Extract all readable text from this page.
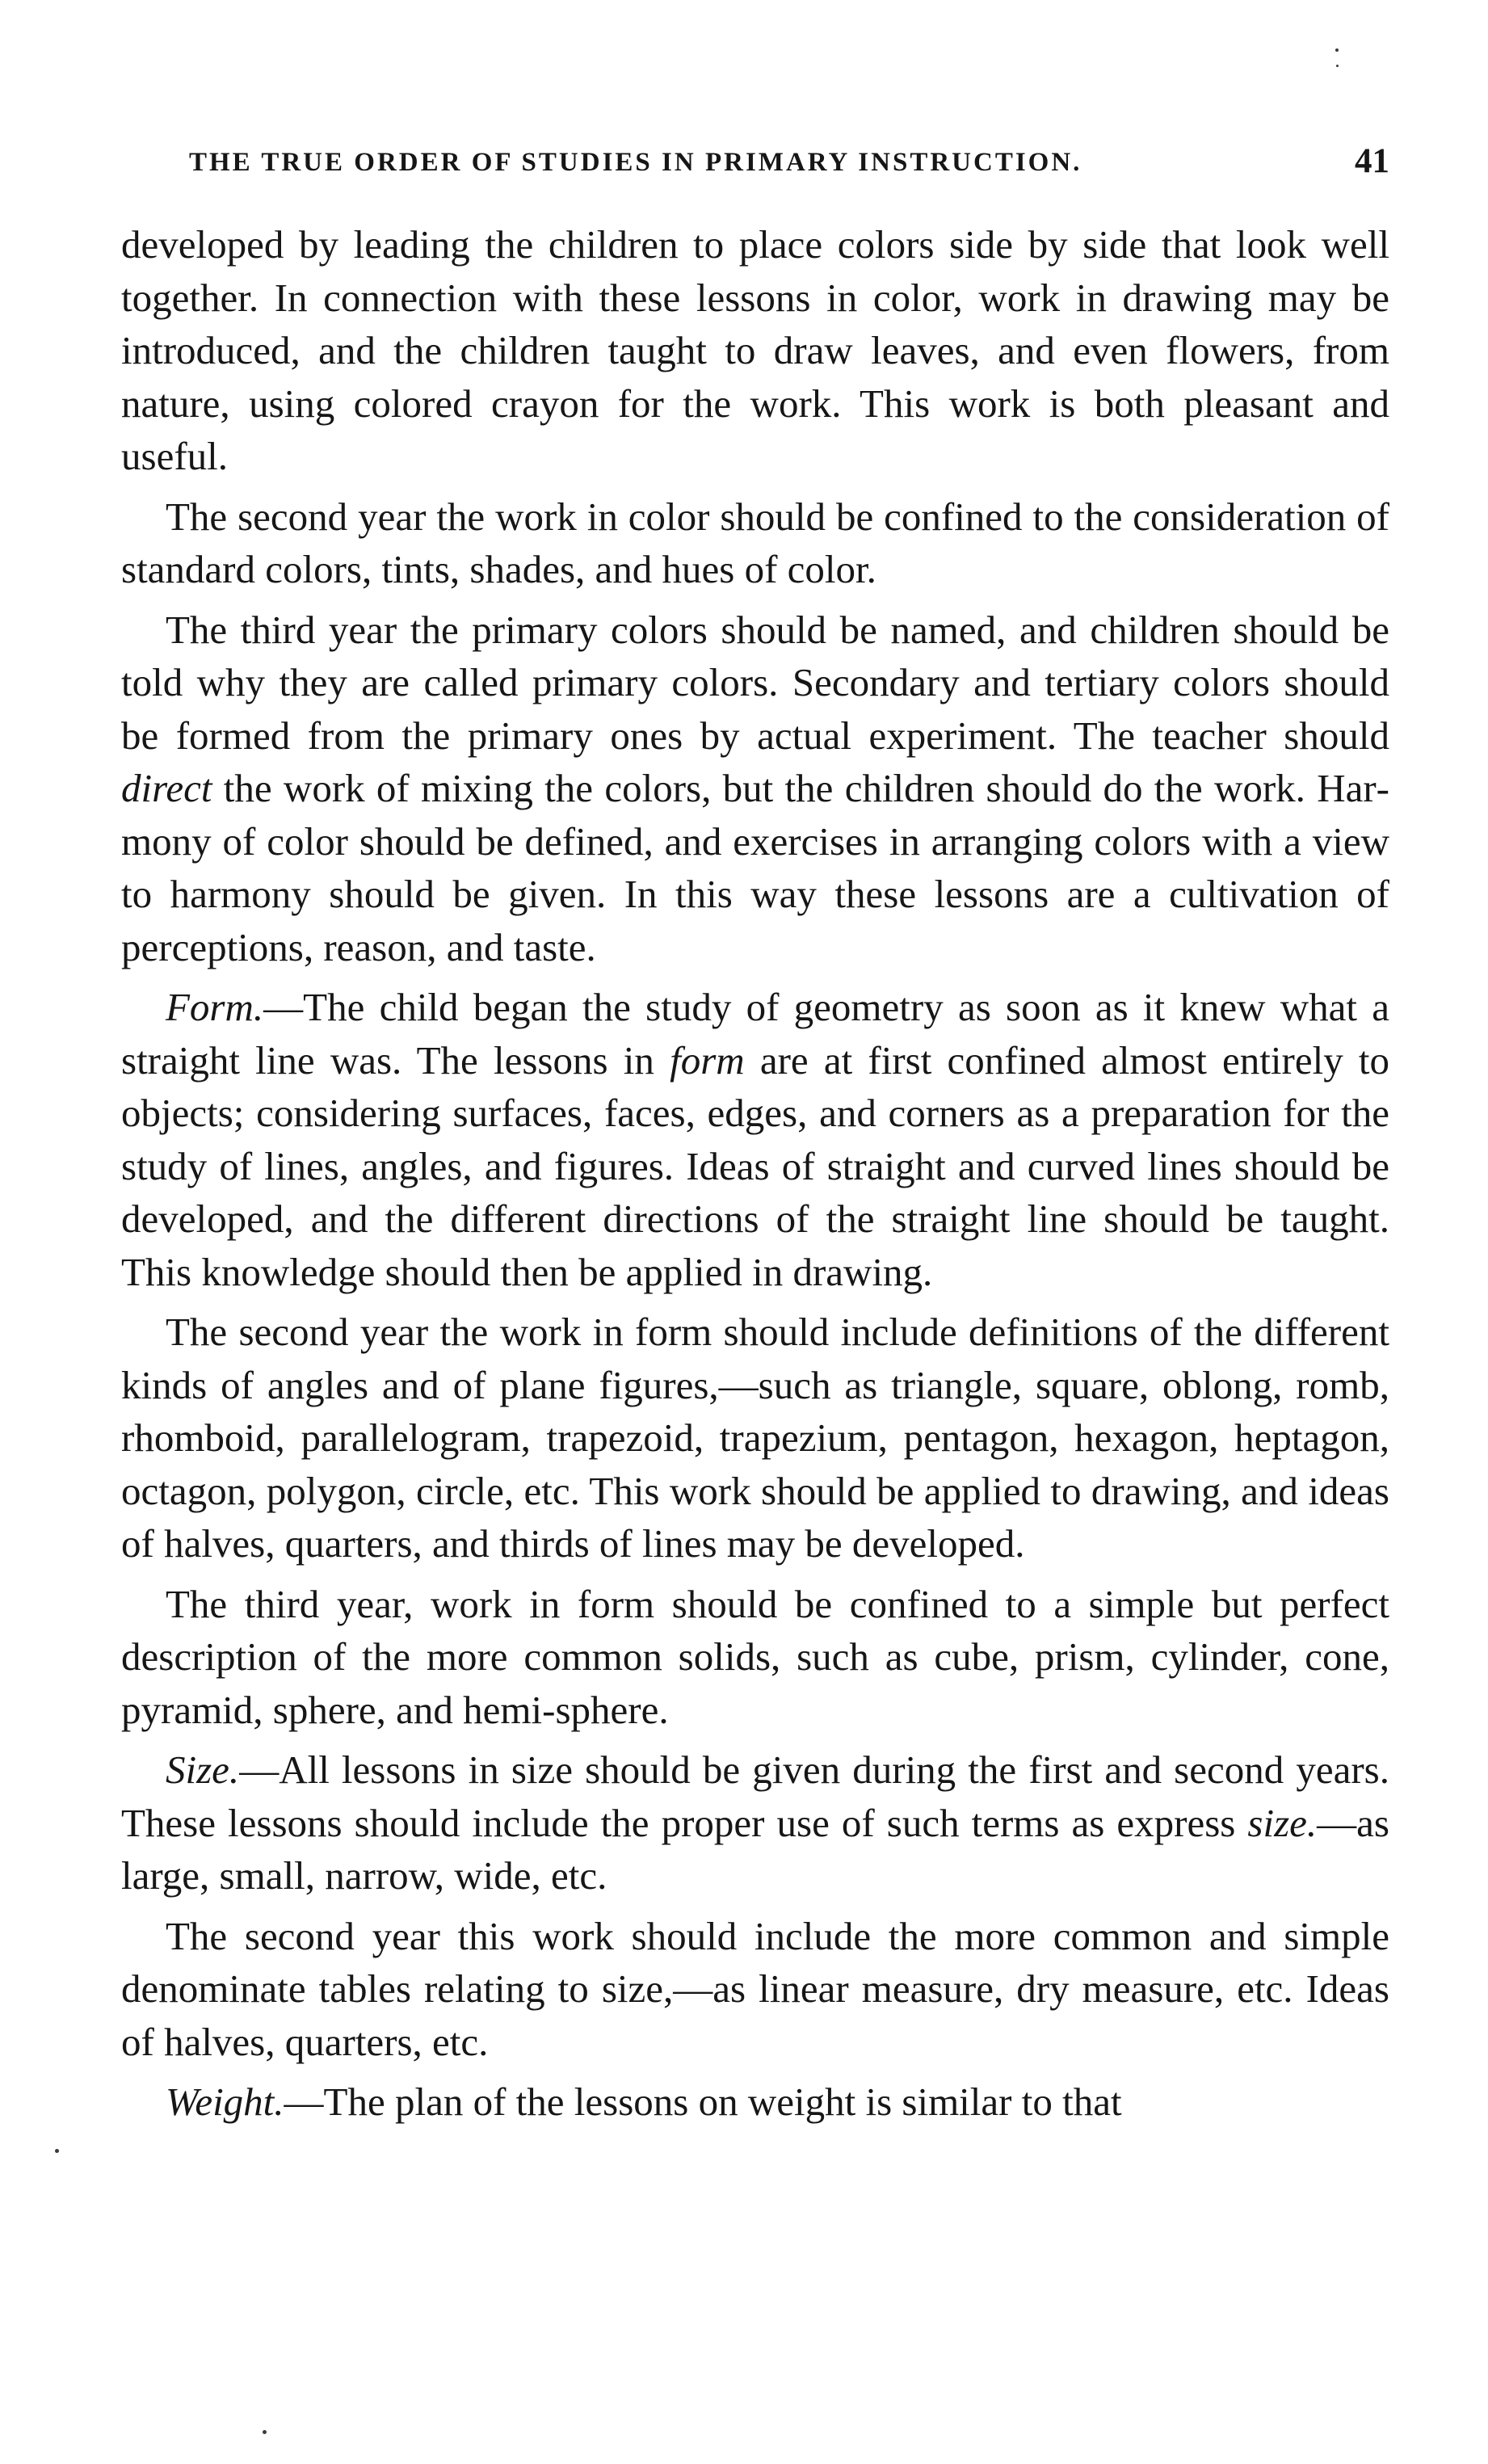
THE TRUE ORDER OF STUDIES IN PRIMARY INSTRUCTION.	41

developed by leading the children to place colors side by side that look well together. In connection with these lessons in color, work in drawing may be introduced, and the children taught to draw leaves, and even flowers, from nature, using colored crayon for the work. This work is both pleasant and useful.

The second year the work in color should be confined to the consideration of standard colors, tints, shades, and hues of color.

The third year the primary colors should be named, and children should be told why they are called primary colors. Secondary and tertiary colors should be formed from the primary ones by actual experiment. The teacher should direct the work of mixing the colors, but the children should do the work. Harmony of color should be defined, and exercises in arranging colors with a view to harmony should be given. In this way these lessons are a cultivation of perceptions, reason, and taste.

Form.—The child began the study of geometry as soon as it knew what a straight line was. The lessons in form are at first confined almost entirely to objects; considering surfaces, faces, edges, and corners as a preparation for the study of lines, angles, and figures. Ideas of straight and curved lines should be developed, and the different directions of the straight line should be taught. This knowledge should then be applied in drawing.

The second year the work in form should include definitions of the different kinds of angles and of plane figures,—such as triangle, square, oblong, romb, rhomboid, parallelogram, trapezoid, trapezium, pentagon, hexagon, heptagon, octagon, polygon, circle, etc. This work should be applied to drawing, and ideas of halves, quarters, and thirds of lines may be developed.

The third year, work in form should be confined to a simple but perfect description of the more common solids, such as cube, prism, cylinder, cone, pyramid, sphere, and hemi-sphere.

Size.—All lessons in size should be given during the first and second years. These lessons should include the proper use of such terms as express size.—as large, small, narrow, wide, etc.

The second year this work should include the more common and simple denominate tables relating to size,—as linear measure, dry measure, etc. Ideas of halves, quarters, etc.

Weight.—The plan of the lessons on weight is similar to that
